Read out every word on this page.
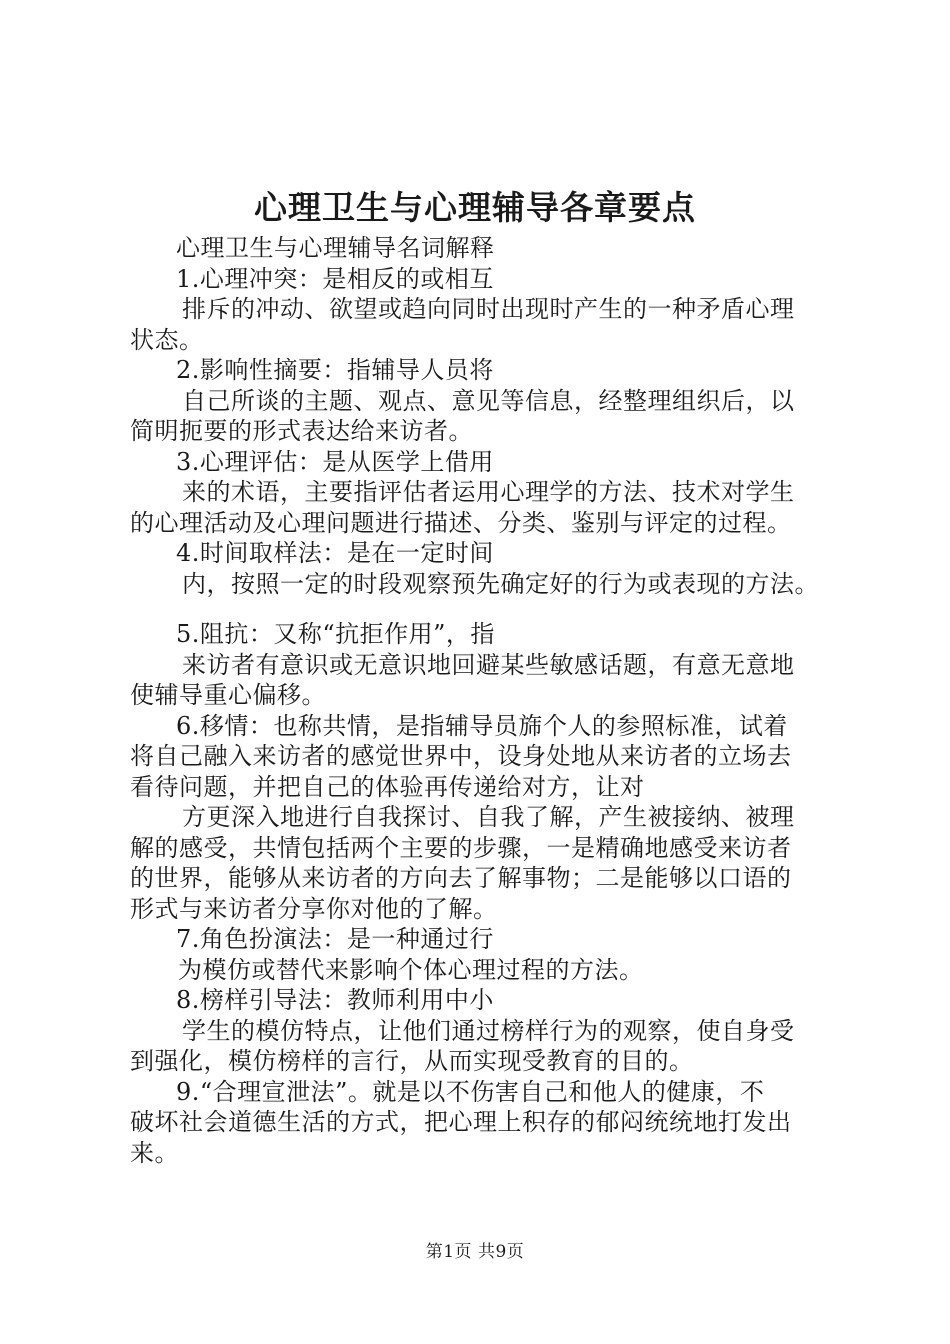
心理卫生与心理辅导各章要点
心理卫生与心理辅导名词解释
1.心理冲突：是相反的或相互
排斥的冲动、欲望或趋向同时出现时产生的一种矛盾心理
状态。
2.影响性摘要：指辅导人员将
自己所谈的主题、观点、意见等信息，经整理组织后，以
简明扼要的形式表达给来访者。
3.心理评估：是从医学上借用
来的术语，主要指评估者运用心理学的方法、技术对学生
的心理活动及心理问题进行描述、分类、鉴别与评定的过程。
4.时间取样法：是在一定时间
内，按照一定的时段观察预先确定好的行为或表现的方法。
5.阻抗：又称“抗拒作用”，指
来访者有意识或无意识地回避某些敏感话题，有意无意地
使辅导重心偏移。
6.移情：也称共情，是指辅导员旆个人的参照标准，试着
将自己融入来访者的感觉世界中，设身处地从来访者的立场去
看待问题，并把自己的体验再传递给对方，让对
方更深入地进行自我探讨、自我了解，产生被接纳、被理
解的感受，共情包括两个主要的步骤，一是精确地感受来访者
的世界，能够从来访者的方向去了解事物；二是能够以口语的
形式与来访者分享你对他的了解。
7.角色扮演法：是一种通过行
为模仿或替代来影响个体心理过程的方法。
8.榜样引导法：教师利用中小
学生的模仿特点，让他们通过榜样行为的观察，使自身受
到强化，模仿榜样的言行，从而实现受教育的目的。
9.“合理宣泄法”。就是以不伤害自己和他人的健康，不
破坏社会道德生活的方式，把心理上积存的郁闷统统地打发出
来。
第1页 共9页
